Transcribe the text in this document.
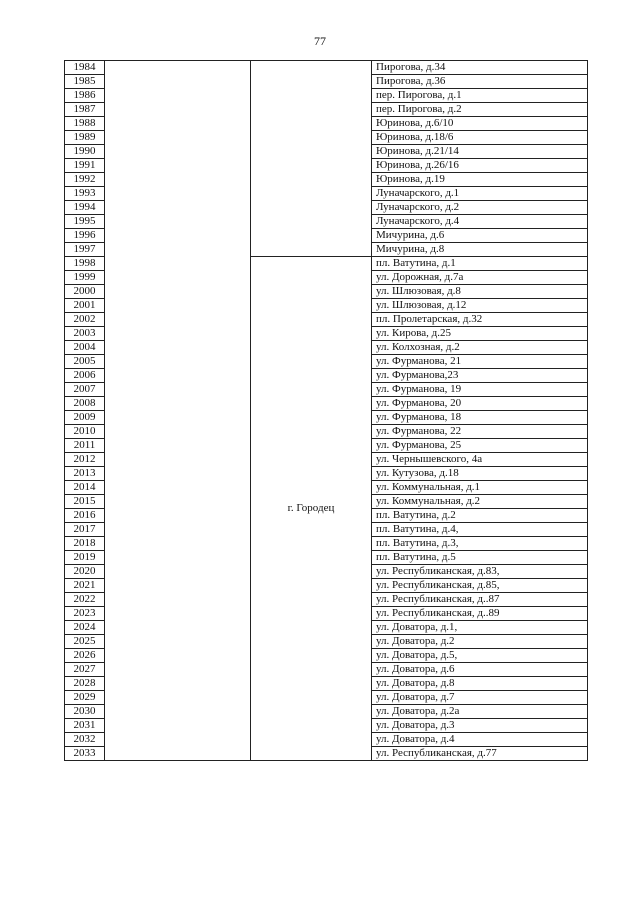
77
1984			Пирогова, д.34
1985			Пирогова, д.36
1986			пер. Пирогова, д.1
1987			пер. Пирогова, д.2
1988			Юринова, д.6/10
1989			Юринова, д.18/6
1990			Юринова, д.21/14
1991			Юринова, д.26/16
1992			Юринова, д.19
1993			Луначарского, д.1
1994			Луначарского, д.2
1995			Луначарского, д.4
1996			Мичурина, д.6
1997			Мичурина, д.8
1998		г. Городец	пл. Ватутина, д.1
1999			ул. Дорожная, д.7а
2000			ул. Шлюзовая, д.8
2001			ул. Шлюзовая, д.12
2002			пл. Пролетарская, д.32
2003			ул. Кирова, д.25
2004			ул. Колхозная, д.2
2005			ул. Фурманова, 21
2006			ул. Фурманова,23
2007			ул. Фурманова, 19
2008			ул. Фурманова, 20
2009			ул. Фурманова, 18
2010			ул. Фурманова, 22
2011			ул. Фурманова, 25
2012			ул. Чернышевского, 4а
2013			ул. Кутузова, д.18
2014			ул. Коммунальная, д.1
2015			ул. Коммунальная, д.2
2016			пл. Ватутина, д.2
2017			пл. Ватутина, д.4,
2018			пл. Ватутина, д.3,
2019			пл. Ватутина, д.5
2020			ул. Республиканская, д.83,
2021			ул. Республиканская, д.85,
2022			ул. Республиканская, д..87
2023			ул. Республиканская, д..89
2024			ул. Доватора, д.1,
2025			ул. Доватора, д.2
2026			ул. Доватора, д.5,
2027			ул. Доватора, д.6
2028			ул. Доватора, д.8
2029			ул. Доватора, д.7
2030			ул. Доватора, д.2а
2031			ул. Доватора, д.3
2032			ул. Доватора, д.4
2033			ул. Республиканская, д.77
